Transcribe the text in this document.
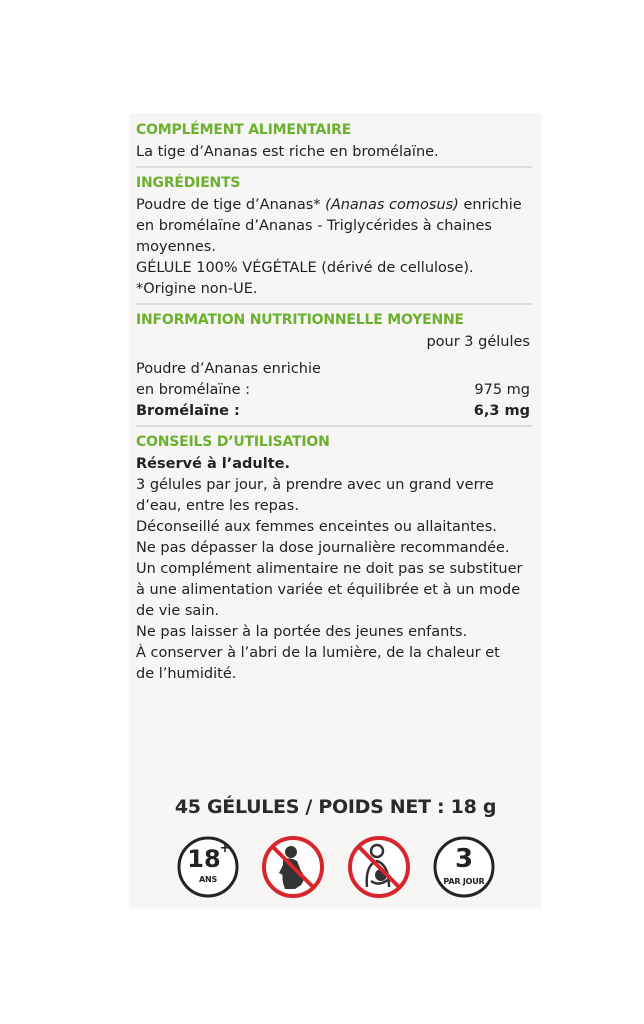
COMPLÉMENT ALIMENTAIRE

La tige d’Ananas est riche en bromélaïne.

INGRÉDIENTS

Poudre de tige d’Ananas* (Ananas comosus) enrichie

en bromélaïne d’Ananas - Triglycérides à chaines

moyennes.

GÉLULE 100% VÉGÉTALE (dérivé de cellulose).

*Origine non-UE.

INFORMATION NUTRITIONNELLE MOYENNE

pour 3 gélules

Poudre d’Ananas enrichie

en bromélaïne :	975 mg
Bromélaïne :	6,3 mg

CONSEILS D’UTILISATION

Réservé à l’adulte.

3 gélules par jour, à prendre avec un grand verre

d’eau, entre les repas.

Déconseillé aux femmes enceintes ou allaitantes.

Ne pas dépasser la dose journalière recommandée.

Un complément alimentaire ne doit pas se substituer

à une alimentation variée et équilibrée et à un mode

de vie sain.

Ne pas laisser à la portée des jeunes enfants.

À conserver à l’abri de la lumière, de la chaleur et

de l’humidité.

45 GÉLULES / POIDS NET : 18 g
18
+
ANS
3
PAR JOUR
